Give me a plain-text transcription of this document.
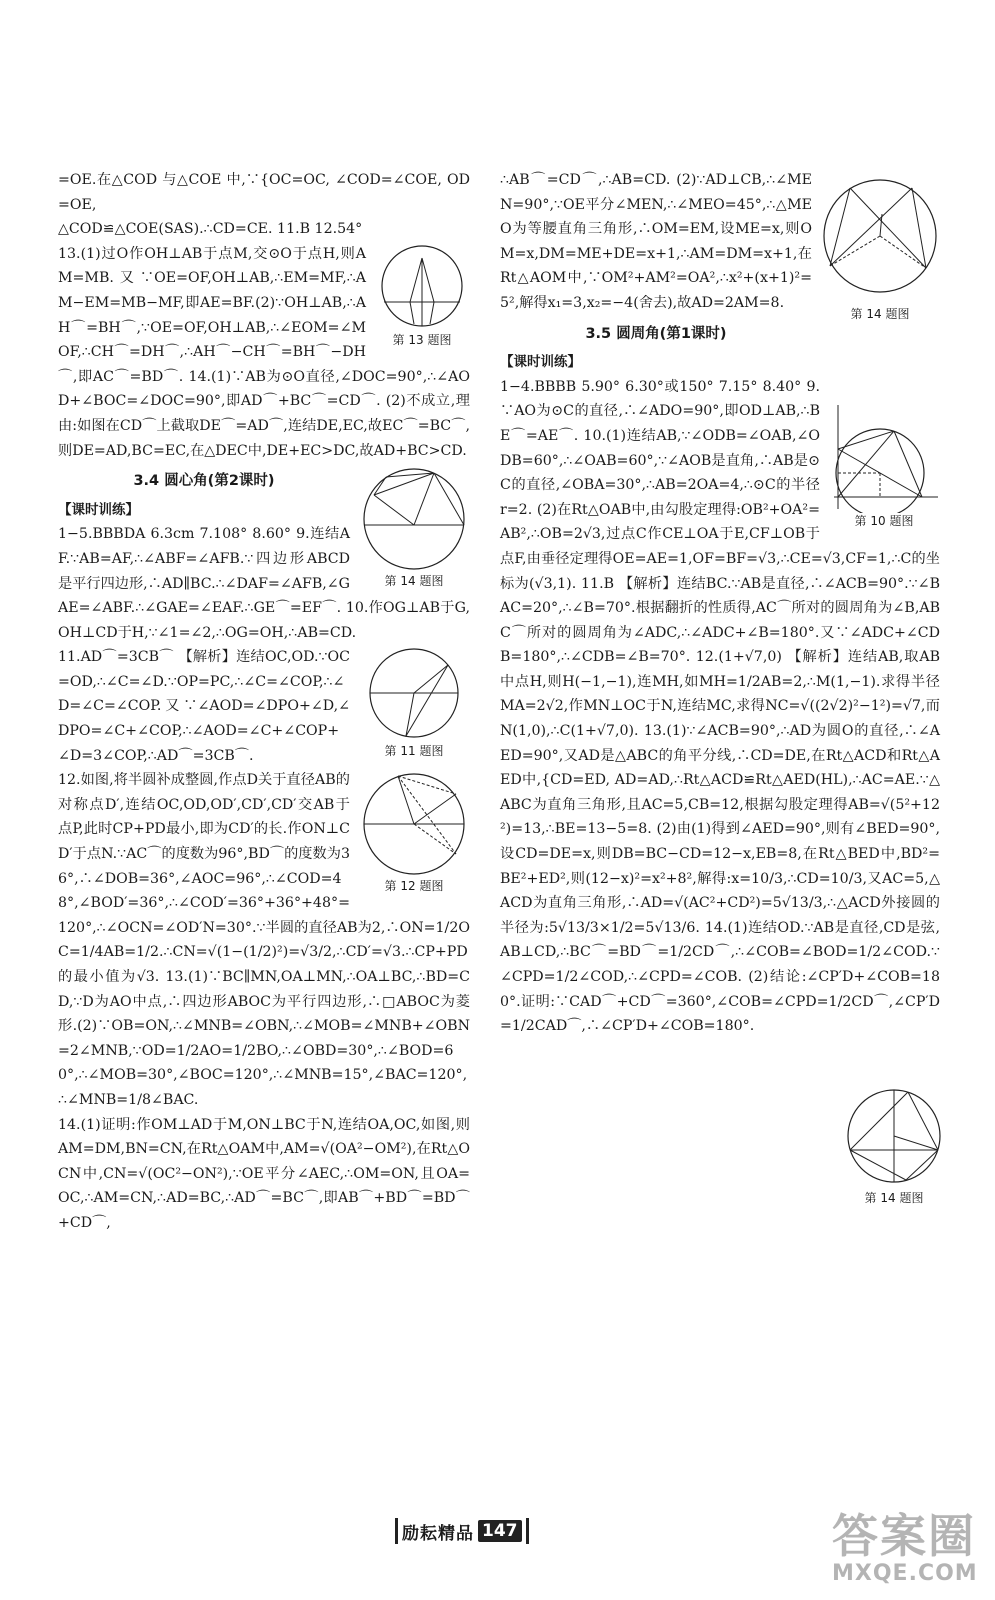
=OE.在△COD 与△COE 中,∵{OC=OC, ∠COD=∠COE, OD=OE,

△COD≌△COE(SAS).∴CD=CE. 11.B 12.54°

第 13 题图

13.(1)过O作OH⊥AB于点M,交⊙O于点H,则AM=MB.又∵OE=OF,OH⊥AB,∴EM=MF,∴AM−EM=MB−MF,即AE=BF.(2)∵OH⊥AB,∴AH⌒=BH⌒,∵OE=OF,OH⊥AB,∴∠EOM=∠MOF,∴CH⌒=DH⌒,∴AH⌒−CH⌒=BH⌒−DH⌒,即AC⌒=BD⌒. 14.(1)∵AB为⊙O直径,∠DOC=90°,∴∠AOD+∠BOC=∠DOC=90°,即AD⌒+BC⌒=CD⌒. (2)不成立,理由:如图在CD⌒上截取DE⌒=AD⌒,连结DE,EC,故EC⌒=BC⌒,则DE=AD,BC=EC,在△DEC中,DE+EC>DC,故AD+BC>CD.

第 14 题图

3.4 圆心角(第2课时)

【课时训练】

1−5.BBBDA 6.3cm 7.108° 8.60° 9.连结AF.∵AB=AF,∴∠ABF=∠AFB.∵四边形ABCD是平行四边形,∴AD∥BC.∴∠DAF=∠AFB,∠GAE=∠ABF.∴∠GAE=∠EAF.∴GE⌒=EF⌒. 10.作OG⊥AB于G,OH⊥CD于H,∵∠1=∠2,∴OG=OH,∴AB=CD.

第 11 题图

11.AD⌒=3CB⌒ 【解析】连结OC,OD.∵OC=OD,∴∠C=∠D.∵OP=PC,∴∠C=∠COP,∴∠D=∠C=∠COP.又∵∠AOD=∠DPO+∠D,∠DPO=∠C+∠COP,∴∠AOD=∠C+∠COP+∠D=3∠COP,∴AD⌒=3CB⌒.

第 12 题图

12.如图,将半圆补成整圆,作点D关于直径AB的对称点D′,连结OC,OD,OD′,CD′,CD′交AB于点P,此时CP+PD最小,即为CD′的长.作ON⊥CD′于点N.∵AC⌒的度数为96°,BD⌒的度数为36°,∴∠DOB=36°,∠AOC=96°,∴∠COD=48°,∠BOD′=36°,∴∠COD′=36°+36°+48°=120°,∴∠OCN=∠OD′N=30°.∵半圆的直径AB为2,∴ON=1/2OC=1/4AB=1/2.∴CN=√(1−(1/2)²)=√3/2,∴CD′=√3.∴CP+PD的最小值为√3. 13.(1)∵BC∥MN,OA⊥MN,∴OA⊥BC,∴BD=CD,∵D为AO中点,∴四边形ABOC为平行四边形,∴□ABOC为菱形.(2)∵OB=ON,∴∠MNB=∠OBN,∴∠MOB=∠MNB+∠OBN=2∠MNB,∵OD=1/2AO=1/2BO,∴∠OBD=30°,∴∠BOD=60°,∴∠MOB=30°,∠BOC=120°,∴∠MNB=15°,∠BAC=120°,∴∠MNB=1/8∠BAC.

14.(1)证明:作OM⊥AD于M,ON⊥BC于N,连结OA,OC,如图,则AM=DM,BN=CN,在Rt△OAM中,AM=√(OA²−OM²),在Rt△OCN中,CN=√(OC²−ON²),∵OE平分∠AEC,∴OM=ON,且OA=OC,∴AM=CN,∴AD=BC,∴AD⌒=BC⌒,即AB⌒+BD⌒=BD⌒+CD⌒,

第 14 题图

∴AB⌒=CD⌒,∴AB=CD. (2)∵AD⊥CB,∴∠MEN=90°,∵OE平分∠MEN,∴∠MEO=45°,∴△MEO为等腰直角三角形,∴OM=EM,设ME=x,则OM=x,DM=ME+DE=x+1,∴AM=DM=x+1,在Rt△AOM中,∵OM²+AM²=OA²,∴x²+(x+1)²=5²,解得x₁=3,x₂=−4(舍去),故AD=2AM=8.

3.5 圆周角(第1课时)

【课时训练】
第 10 题图

1−4.BBBB 5.90° 6.30°或150° 7.15° 8.40° 9.∵AO为⊙C的直径,∴∠ADO=90°,即OD⊥AB,∴BE⌒=AE⌒. 10.(1)连结AB,∵∠ODB=∠OAB,∠ODB=60°,∴∠OAB=60°,∵∠AOB是直角,∴AB是⊙C的直径,∠OBA=30°,∴AB=2OA=4,∴⊙C的半径r=2. (2)在Rt△OAB中,由勾股定理得:OB²+OA²=AB²,∴OB=2√3,过点C作CE⊥OA于E,CF⊥OB于点F,由垂径定理得OE=AE=1,OF=BF=√3,∴CE=√3,CF=1,∴C的坐标为(√3,1). 11.B 【解析】连结BC.∵AB是直径,∴∠ACB=90°.∵∠BAC=20°,∴∠B=70°.根据翻折的性质得,AC⌒所对的圆周角为∠B,ABC⌒所对的圆周角为∠ADC,∴∠ADC+∠B=180°.又∵∠ADC+∠CDB=180°,∴∠CDB=∠B=70°. 12.(1+√7,0) 【解析】连结AB,取AB中点H,则H(−1,−1),连MH,如MH=1/2AB=2,∴M(1,−1).求得半径MA=2√2,作MN⊥OC于N,连结MC,求得NC=√((2√2)²−1²)=√7,而N(1,0),∴C(1+√7,0). 13.(1)∵∠ACB=90°,∴AD为圆O的直径,∴∠AED=90°,又AD是△ABC的角平分线,∴CD=DE,在Rt△ACD和Rt△AED中,{CD=ED, AD=AD,∴Rt△ACD≌Rt△AED(HL),∴AC=AE.∵△ABC为直角三角形,且AC=5,CB=12,根据勾股定理得AB=√(5²+12²)=13,∴BE=13−5=8. (2)由(1)得到∠AED=90°,则有∠BED=90°,设CD=DE=x,则DB=BC−CD=12−x,EB=8,在Rt△BED中,BD²=BE²+ED²,则(12−x)²=x²+8²,解得:x=10/3,∴CD=10/3,又AC=5,△ACD为直角三角形,∴AD=√(AC²+CD²)=5√13/3,∴△ACD外接圆的半径为:5√13/3×1/2=5√13/6. 14.(1)连结OD.∵AB是直径,CD是弦,AB⊥CD,∴BC⌒=BD⌒=1/2CD⌒,∴∠COB=∠BOD=1/2∠COD.∵∠CPD=1/2∠COD,∴∠CPD=∠COB. (2)结论:∠CP′D+∠COB=180°.证明:∵CAD⌒+CD⌒=360°,∠COB=∠CPD=1/2CD⌒,∠CP′D=1/2CAD⌒,∴∠CP′D+∠COB=180°.

第 14 题图
励耘精品 147	答案圈
MXQE.COM
